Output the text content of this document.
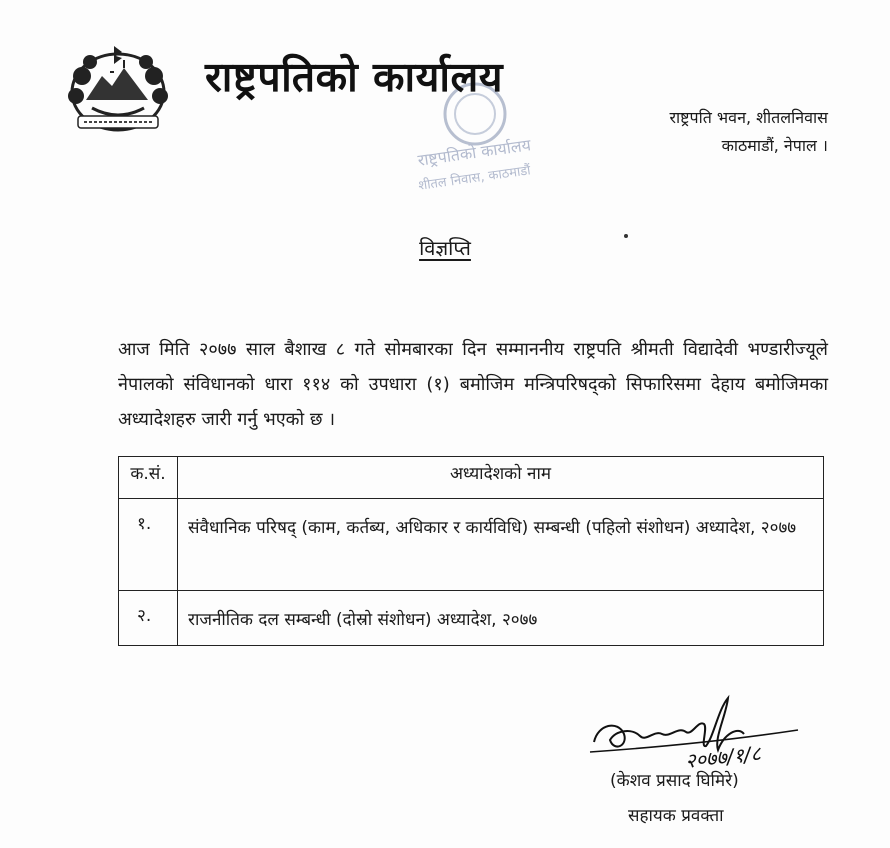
राष्ट्रपतिको कार्यालय
शीतल निवास, काठमाडौं
राष्ट्रपतिको कार्यालय
राष्ट्रपति भवन, शीतलनिवास
काठमाडौं, नेपाल ।
विज्ञप्ति
आज मिति २०७७ साल बैशाख ८ गते सोमबारका दिन सम्माननीय राष्ट्रपति श्रीमती विद्यादेवी भण्डारीज्यूले नेपालको संविधानको धारा ११४ को उपधारा (१) बमोजिम मन्त्रिपरिषद्को सिफारिसमा देहाय बमोजिमका अध्यादेशहरु जारी गर्नु भएको छ ।
क.सं.	अध्यादेशको नाम
१.	संवैधानिक परिषद् (काम, कर्तब्य, अधिकार र कार्यविधि) सम्बन्धी (पहिलो संशोधन) अध्यादेश, २०७७
२.	राजनीतिक दल सम्बन्धी (दोस्रो संशोधन) अध्यादेश, २०७७
२०७७/१/८
(केशव प्रसाद घिमिरे)
सहायक प्रवक्ता
